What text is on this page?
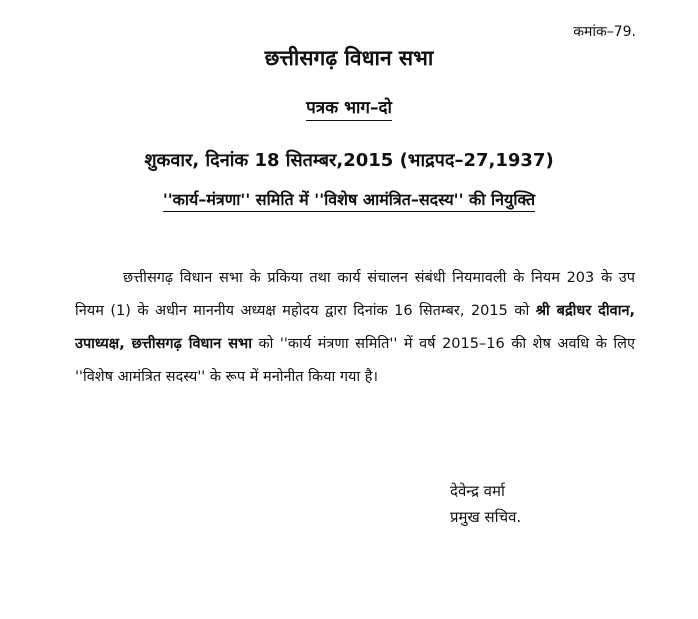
कमांक–79.
छत्तीसगढ़ विधान सभा
पत्रक भाग–दो
शुकवार, दिनांक 18 सितम्बर,2015 (भाद्रपद–27,1937)
''कार्य–मंत्रणा'' समिति में ''विशेष आमंत्रित–सदस्य'' की नियुक्ति

छत्तीसगढ़ विधान सभा के प्रकिया तथा कार्य संचालन संबंधी नियमावली के नियम 203 के उप नियम (1) के अधीन माननीय अध्यक्ष महोदय द्वारा दिनांक 16 सितम्बर, 2015 को श्री बद्रीधर दीवान, उपाध्यक्ष, छत्तीसगढ़ विधान सभा को ''कार्य मंत्रणा समिति'' में वर्ष 2015–16 की शेष अवधि के लिए ''विशेष आमंत्रित सदस्य'' के रूप में मनोनीत किया गया है।

देवेन्द्र वर्मा
प्रमुख सचिव.
